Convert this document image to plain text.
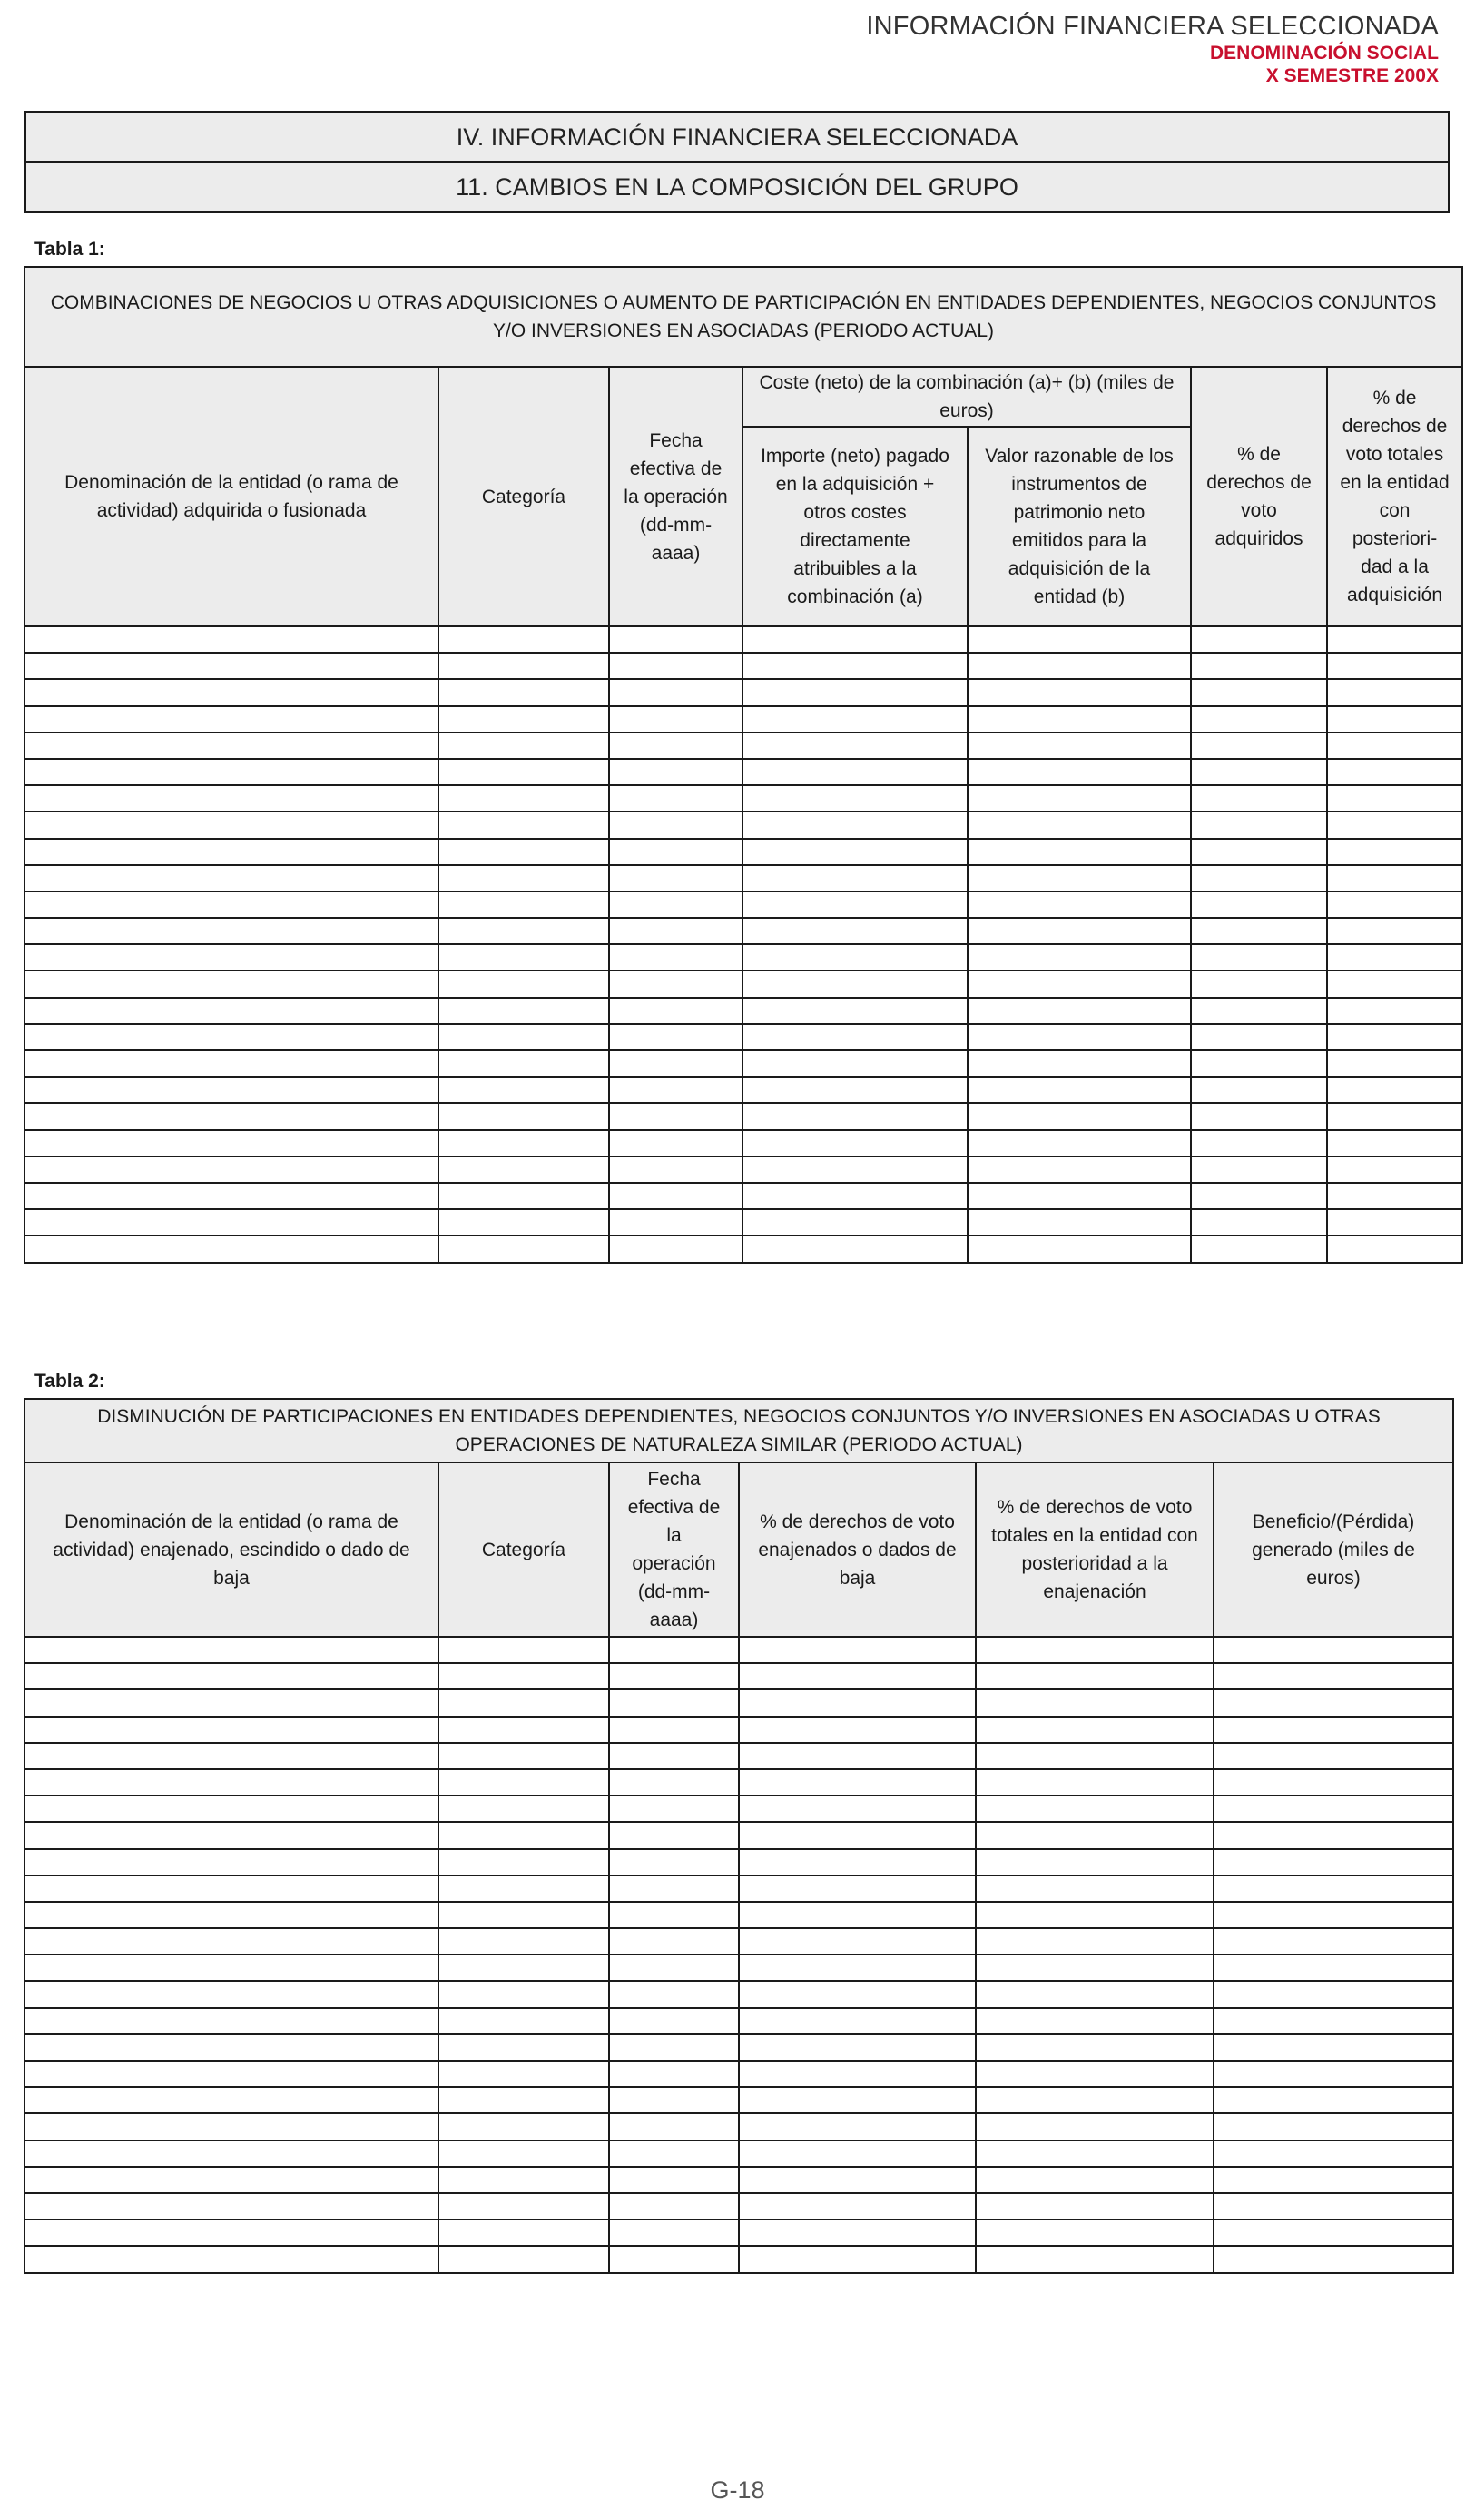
INFORMACIÓN FINANCIERA SELECCIONADA
DENOMINACIÓN SOCIAL
X SEMESTRE 200X
IV. INFORMACIÓN FINANCIERA SELECCIONADA
11. CAMBIOS EN LA COMPOSICIÓN DEL GRUPO
Tabla 1:
COMBINACIONES DE NEGOCIOS U OTRAS ADQUISICIONES O AUMENTO DE PARTICIPACIÓN EN ENTIDADES DEPENDIENTES, NEGOCIOS CONJUNTOS Y/O INVERSIONES EN ASOCIADAS (PERIODO ACTUAL)						
Denominación de la entidad (o rama de actividad) adquirida o fusionada	Categoría	Fecha efectiva de la operación (dd-mm-aaaa)	Coste (neto) de la combinación (a)+ (b) (miles de euros)		% de derechos de voto adquiridos	% de derechos de voto totales en la entidad con posteriori-dad a la adquisición
			Importe (neto) pagado en la adquisición + otros costes directamente atribuibles a la combinación (a)	Valor razonable de los instrumentos de patrimonio neto emitidos para la adquisición de la entidad (b)		

Tabla 2:
DISMINUCIÓN DE PARTICIPACIONES EN ENTIDADES DEPENDIENTES, NEGOCIOS CONJUNTOS Y/O INVERSIONES EN ASOCIADAS U OTRAS OPERACIONES DE NATURALEZA SIMILAR (PERIODO ACTUAL)					
Denominación de la entidad (o rama de actividad) enajenado, escindido o dado de baja	Categoría	Fecha efectiva de la operación (dd-mm-aaaa)	% de derechos de voto enajenados o dados de baja	% de derechos de voto totales en la entidad con posterioridad a la enajenación	Beneficio/(Pérdida) generado (miles de euros)

G-18
